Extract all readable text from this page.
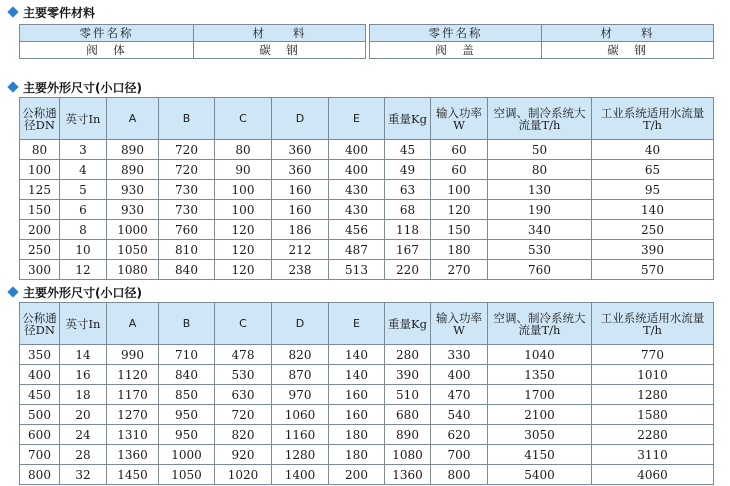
主要零件材料
零件名称	材　　料		零件名称	材　　料
阀　体	碳　钢		阀　盖	碳　钢
主要外形尺寸(小口径)
公称通径DN	英寸In	A	B	C	D	E	重量Kg	输入功率W	空调、制冷系统大流量T/h	工业系统适用水流量T/h
80	3	890	720	80	360	400	45	60	50	40
100	4	890	720	90	360	400	49	60	80	65
125	5	930	730	100	160	430	63	100	130	95
150	6	930	730	100	160	430	68	120	190	140
200	8	1000	760	120	186	456	118	150	340	250
250	10	1050	810	120	212	487	167	180	530	390
300	12	1080	840	120	238	513	220	270	760	570
主要外形尺寸(小口径)
公称通径DN	英寸In	A	B	C	D	E	重量Kg	输入功率W	空调、制冷系统大流量T/h	工业系统适用水流量T/h
350	14	990	710	478	820	140	280	330	1040	770
400	16	1120	840	530	870	140	390	400	1350	1010
450	18	1170	850	630	970	160	510	470	1700	1280
500	20	1270	950	720	1060	160	680	540	2100	1580
600	24	1310	950	820	1160	180	890	620	3050	2280
700	28	1360	1000	920	1280	180	1080	700	4150	3110
800	32	1450	1050	1020	1400	200	1360	800	5400	4060
